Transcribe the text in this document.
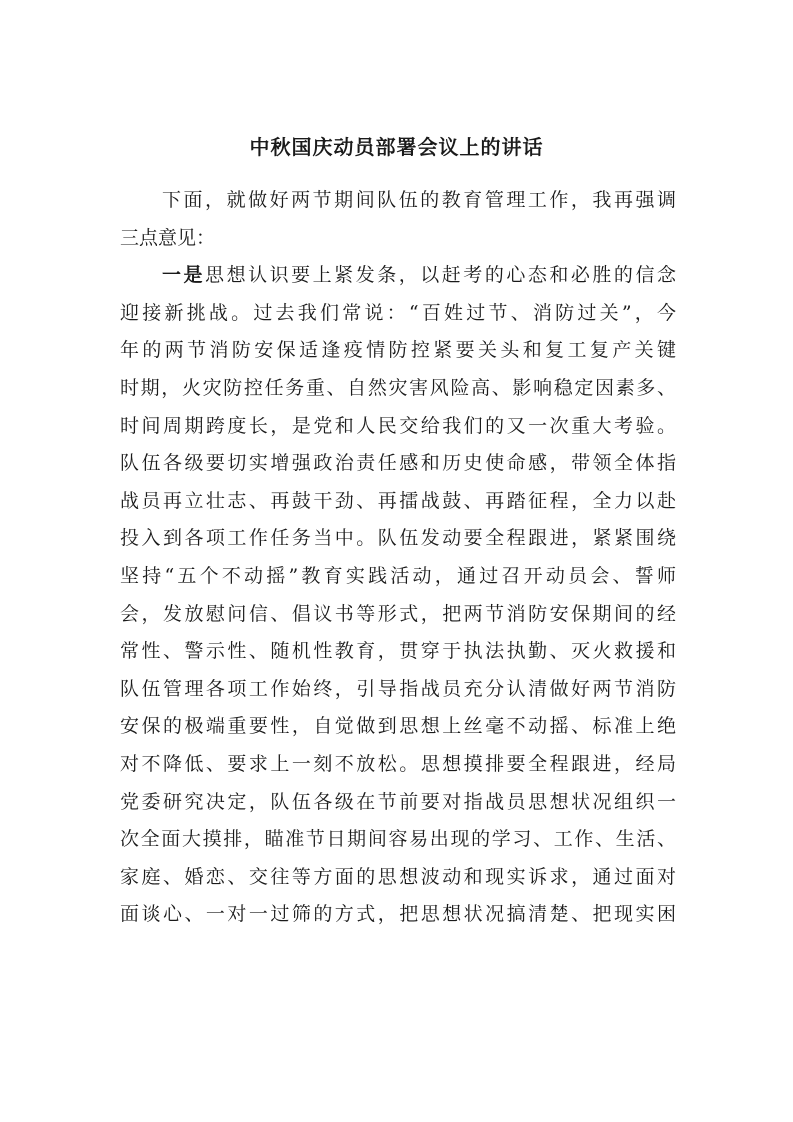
中秋国庆动员部署会议上的讲话
下面，就做好两节期间队伍的教育管理工作，我再强调
三点意见：
一是思想认识要上紧发条，以赶考的心态和必胜的信念
迎接新挑战。过去我们常说：“百姓过节、消防过关”，今
年的两节消防安保适逢疫情防控紧要关头和复工复产关键
时期，火灾防控任务重、自然灾害风险高、影响稳定因素多、
时间周期跨度长，是党和人民交给我们的又一次重大考验。
队伍各级要切实增强政治责任感和历史使命感，带领全体指
战员再立壮志、再鼓干劲、再擂战鼓、再踏征程，全力以赴
投入到各项工作任务当中。队伍发动要全程跟进，紧紧围绕
坚持“五个不动摇”教育实践活动，通过召开动员会、誓师
会，发放慰问信、倡议书等形式，把两节消防安保期间的经
常性、警示性、随机性教育，贯穿于执法执勤、灭火救援和
队伍管理各项工作始终，引导指战员充分认清做好两节消防
安保的极端重要性，自觉做到思想上丝毫不动摇、标准上绝
对不降低、要求上一刻不放松。思想摸排要全程跟进，经局
党委研究决定，队伍各级在节前要对指战员思想状况组织一
次全面大摸排，瞄准节日期间容易出现的学习、工作、生活、
家庭、婚恋、交往等方面的思想波动和现实诉求，通过面对
面谈心、一对一过筛的方式，把思想状况搞清楚、把现实困
